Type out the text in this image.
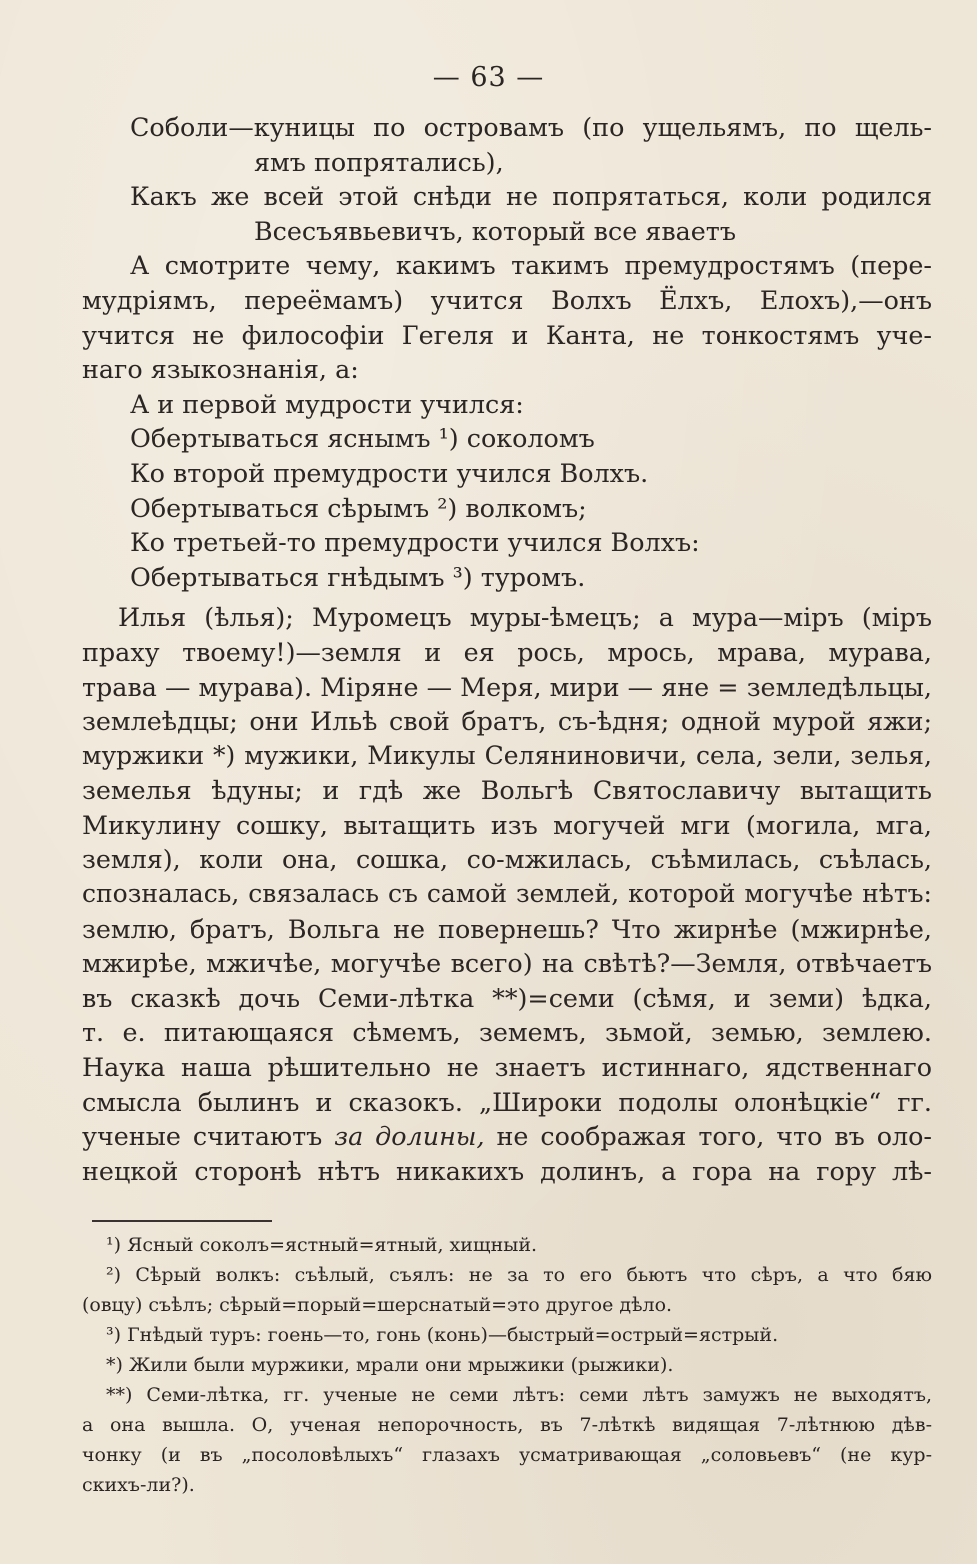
— 63 —
Соболи—куницы по островамъ (по ущельямъ, по щель-
ямъ попрятались),
Какъ же всей этой снѣди не попрятаться, коли родился
Всесъявьевичъ, который все яваетъ
А смотрите чему, какимъ такимъ премудростямъ (пере-
мудрiямъ, переёмамъ) учится Волхъ Ёлхъ, Елохъ),—онъ
учится не философiи Гегеля и Канта, не тонкостямъ уче-
наго языкознанiя, а:
А и первой мудрости учился:
Обертываться яснымъ ¹) соколомъ
Ко второй премудрости учился Волхъ.
Обертываться сѣрымъ ²) волкомъ;
Ко третьей-то премудрости учился Волхъ:
Обертываться гнѣдымъ ³) туромъ.
Илья (ѣлья); Муромецъ муры-ѣмецъ; а мура—мiръ (мiръ
праху твоему!)—земля и ея рось, мрось, мрава, мурава,
трава — мурава). Мiряне — Меря, мири — яне = земледѣльцы,
землеѣдцы; они Ильѣ свой братъ, съ-ѣдня; одной мурой яжи;
муржики *) мужики, Микулы Селяниновичи, села, зели, зелья,
земелья ѣдуны; и гдѣ же Вольгѣ Святославичу вытащить
Микулину сошку, вытащить изъ могучей мги (могила, мга,
земля), коли она, сошка, со-мжилась, съѣмилась, съѣлась,
спозналась, связалась съ самой землей, которой могучѣе нѣтъ:
землю, братъ, Вольга не повернешь? Что жирнѣе (мжирнѣе,
мжирѣе, мжичѣе, могучѣе всего) на свѣтѣ?—Земля, отвѣчаетъ
въ сказкѣ дочь Семи-лѣтка **)=семи (сѣмя, и земи) ѣдка,
т. е. питающаяся сѣмемъ, земемъ, зьмой, земью, землею.
Наука наша рѣшительно не знаетъ истиннаго, ядственнаго
смысла былинъ и сказокъ. „Широки подолы олонѣцкiе“ гг.
ученые считаютъ за долины, не соображая того, что въ оло-
нецкой сторонѣ нѣтъ никакихъ долинъ, а гора на гору лѣ-
¹) Ясный соколъ=ястный=ятный, хищный.
²) Сѣрый волкъ: съѣлый, съялъ: не за то его бьютъ что сѣръ, а что бяю
(овцу) съѣлъ; сѣрый=порый=шерснатый=это другое дѣло.
³) Гнѣдый туръ: гоень—то, гонь (конь)—быстрый=острый=ястрый.
*) Жили были муржики, мрали они мрыжики (рыжики).
**) Семи-лѣтка, гг. ученые не семи лѣтъ: семи лѣтъ замужъ не выходятъ,
а она вышла. О, ученая непорочность, въ 7-лѣткѣ видящая 7-лѣтнюю дѣв-
чонку (и въ „посоловѣлыхъ“ глазахъ усматривающая „соловьевъ“ (не кур-
скихъ-ли?).
